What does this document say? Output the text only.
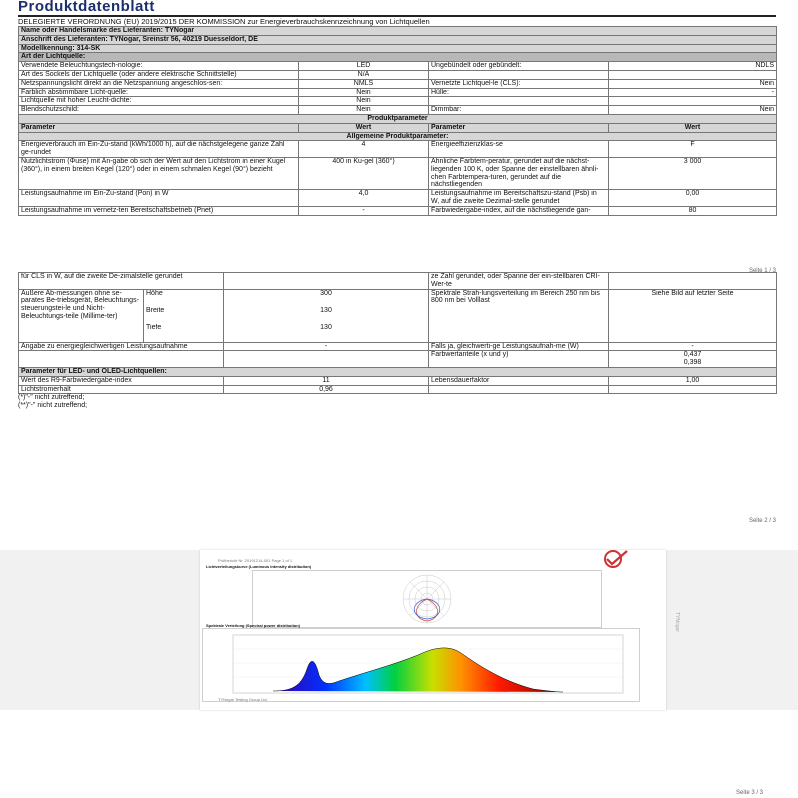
Produktdatenblatt
DELEGIERTE VERORDNUNG (EU) 2019/2015 DER KOMMISSION zur Energieverbrauchskennzeichnung von Lichtquellen
Name oder Handelsmarke des Lieferanten: TYNogar			
Anschrift des Lieferanten: TYNogar, Sreinstr 56, 40219 Duesseldorf, DE			
Modellkennung: 314-SK			
Art der Lichtquelle:			
Verwendete Beleuchtungstech-nologie:	LED	Ungebündelt oder gebündelt:	NDLS
Art des Sockels der Lichtquelle (oder andere elektrische Schnittstelle)	N/A		
Netzspannungslicht direkt an die Netzspannung angeschlos-sen:	NMLS	Vernetzte Lichtquel-le (CLS):	Nein
Farblich abstimmbare Licht-quelle:	Nein	Hülle:	-
Lichtquelle mit hoher Leucht-dichte:	Nein		
Blendschutzschild:	Nein	Dimmbar:	Nein
Produktparameter			
Parameter	Wert	Parameter	Wert
Allgemeine Produktparameter:			
Energieverbrauch im Ein-Zu-stand (kWh/1000 h), auf die nächstgelegene ganze Zahl ge-rundet	4	Energieeffizienzklas-se	F
Nutzlichtstrom (Φuse) mit An-gabe ob sich der Wert auf den Lichtstrom in einer Kugel (360°), in einem breiten Kegel (120°) oder in einem schmalen Kegel (90°) bezieht	400 in Ku-gel (360°)	Ähnliche Farbtem-peratur, gerundet auf die nächst-liegenden 100 K, oder Spanne der einstellbaren ähnli-chen Farbtempera-turen, gerundet auf die nächstliegenden	3 000
Leistungsaufnahme im Ein-Zu-stand (Pon) in W	4,0	Leistungsaufnahme im Bereitschaftszu-stand (Psb) in W, auf die zweite Dezimal-stelle gerundet	0,00
Leistungsaufnahme im vernetz-ten Bereitschaftsbetrieb (Pnet)	-	Farbwiedergabe-index, auf die nächstliegende gan-	80
Seite 1 / 3
für CLS in W, auf die zweite De-zimalstelle gerundet			ze Zahl gerundet, oder Spanne der ein-stellbaren CRI-Wer-te	
Äußere Ab-messungen ohne se-parates Be-triebsgerät, Beleuchtungs-steuerungstei-le und Nicht-Beleuchtungs-teile (Millime-ter)	Höhe	300	Spektrale Strah-lungsverteilung im Bereich 250 nm bis 800 nm bei Volllast	Siehe Bild auf letzter Seite
	Breite	130		
	Tiefe	130		
Angabe zu energiegleichwertigen Leistungsaufnahme		-	Falls ja, gleichwerti-ge Leistungsaufnah-me (W)	-
			Farbwertanteile (x und y)	0,437
0,398
Parameter für LED- und OLED-Lichtquellen:				
Wert des R9-Farbwiedergabe-index		11	Lebensdauerfaktor	1,00
Lichtstromerhalt		0,96		
(*)"-" nicht zutreffend;
(**)"-" nicht zutreffend;
Seite 2 / 3
Prüfbericht Nr. 20191214-001 Page 1 of 1
Lichtverteilungskurve (Luminous intensity distribution)
Spektrale Verteilung (Spectral power distribution)
TYNogar Testing Group Ltd.
TYNogar
Seite 3 / 3
